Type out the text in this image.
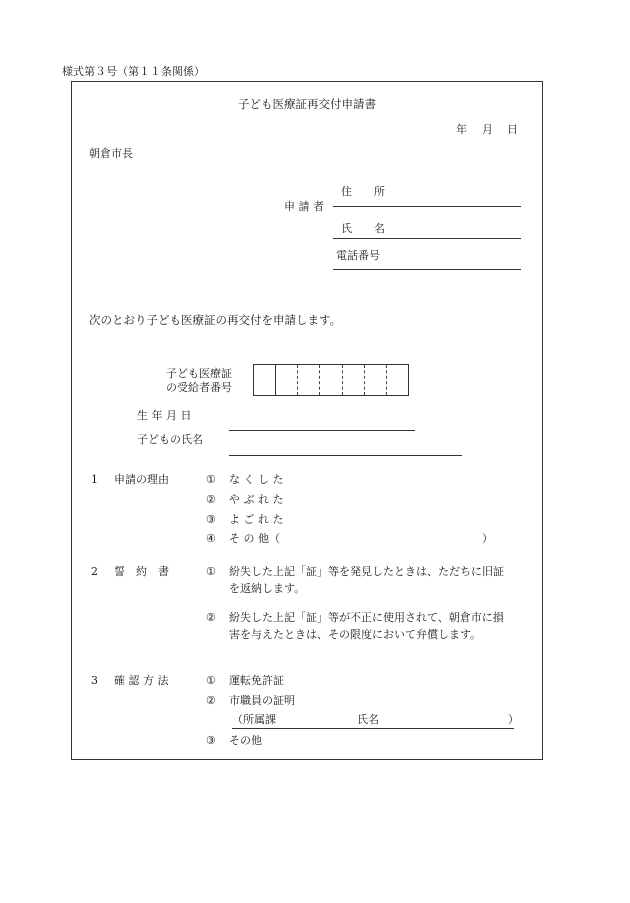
様式第３号（第１１条関係）
子ども医療証再交付申請書
年 月 日
朝倉市長
申 請 者
住　　所
氏　　名
電話番号
次のとおり子ども医療証の再交付を申請します。
子ども医療証
の受給者番号
生 年 月 日
子どもの氏名
1 申請の理由	① な く し た
② や ぶ れ た
③ よ ご れ た
④ そ の 他（	）
2 誓　約　書	① 紛失した上記「証」等を発見したときは、ただちに旧証を返納します。
② 紛失した上記「証」等が不正に使用されて、朝倉市に損害を与えたときは、その限度において弁償します。
3 確 認 方 法	① 運転免許証
② 市職員の証明
（所属課	氏名	）
③ その他
